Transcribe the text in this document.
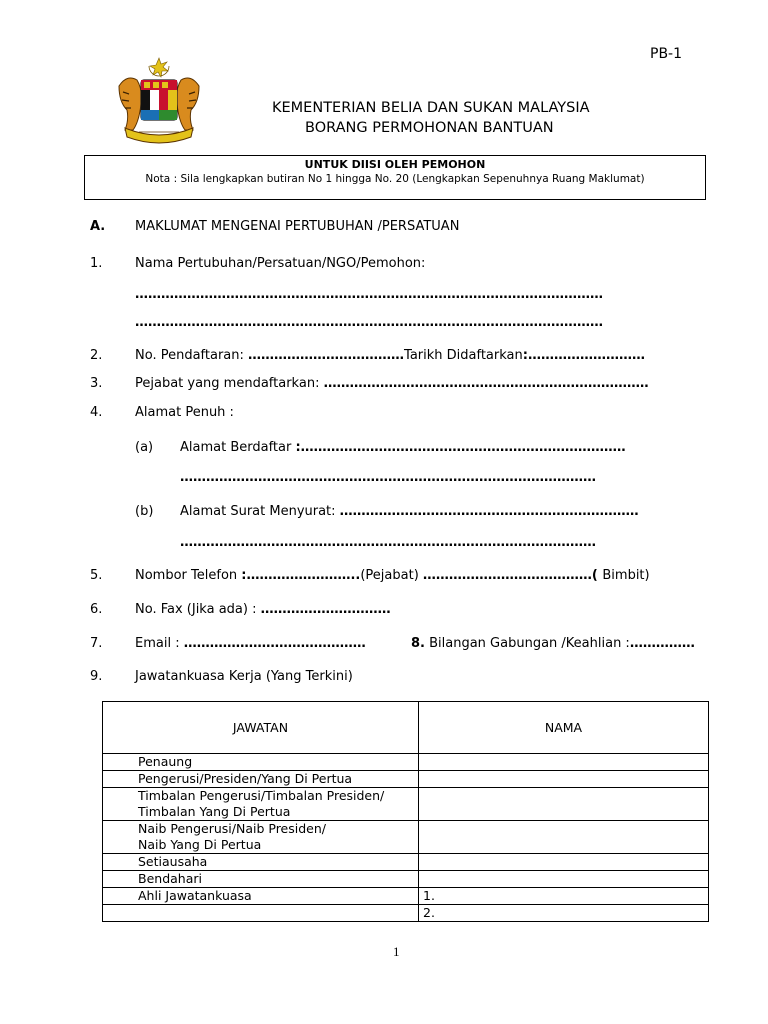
PB-1
KEMENTERIAN BELIA DAN SUKAN MALAYSIA
BORANG PERMOHONAN BANTUAN
UNTUK DIISI OLEH PEMOHON
Nota : Sila lengkapkan butiran No 1 hingga No. 20 (Lengkapkan Sepenuhnya Ruang Maklumat)
A. MAKLUMAT MENGENAI PERTUBUHAN /PERSATUAN
1.	Nama Pertubuhan/Persatuan/NGO/Pemohon:
………………………………………………………………………………………………
………………………………………………………………………………………………
2.	No. Pendaftaran: ………………………………Tarikh Didaftarkan:………………………
3.	Pejabat yang mendaftarkan: …………………………………………………………………
4.	Alamat Penuh :
(a) Alamat Berdaftar :…………………………………………………………………
……………………………………………………………………………………
(b) Alamat Surat Menyurat: ……………………………………………………………
……………………………………………………………………………………
5.	Nombor Telefon :……………………..(Pejabat) …………………………………( Bimbit)
6.	No. Fax (Jika ada) : …………………………
7.	Email : ……………………………………	8. Bilangan Gabungan /Keahlian :……………
9.	Jawatankuasa Kerja (Yang Terkini)
JAWATAN	NAMA
Penaung	
Pengerusi/Presiden/Yang Di Pertua	
Timbalan Pengerusi/Timbalan Presiden/
Timbalan Yang Di Pertua	
Naib Pengerusi/Naib Presiden/
Naib Yang Di Pertua	
Setiausaha	
Bendahari	
Ahli Jawatankuasa	1.
	2.
1
